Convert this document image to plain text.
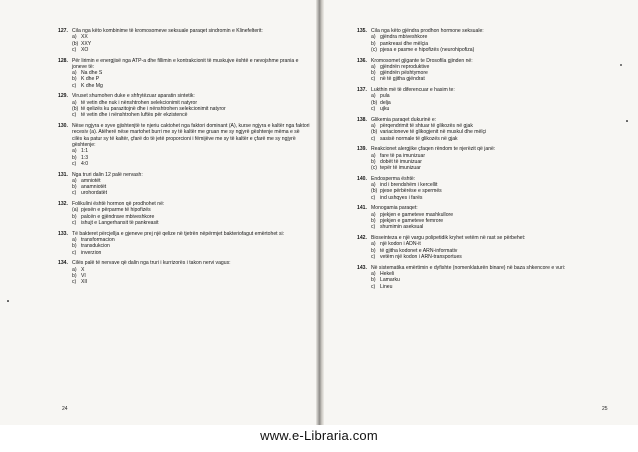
127. Cila nga këto kombinime të kromosomeve seksuale paraqet sindromin e Klinefelterit:
a) XX
(b) XXY
c) XO
128. Për lirimin e energjisë nga ATP-a dhe fillimin e kontrakcionit të muskujve është e nevojshme prania e joneve të:
a) Na dhe S
b) K dhe P
c) K dhe Mg
129. Viruset shumohen duke e shfrytëzuar aparatin sintetik:
a) të vetin dhe nuk i nënshtrohen selekcionimit natyror
(b) të qelizës ku parazitojnë dhe i nënshtrohen selekcionimit natyror
c) të vetin dhe i nënshtrohen luftës për ekzistencë
130. Nëse ngjyra e syve gjishtenjtë te njeriu caktohet nga faktori dominant (A), kurse ngjyra e kaltër nga faktori recesiv (a). Atëherë nëse martohet burri me sy të kaltër me gruan me sy ngjyrë gështenje mëma e së cilës ka patur sy të kaltër, çfarë do të jetë proporcioni i fëmijëve me sy të kaltër e çfarë me sy ngjyrë gështenje:
a) 1:1
b) 1:3
c) 4:0
131. Nga truri dalin 12 palë nervash:
a) amniotët
b) anamniotët
c) urohordatët
132. Folikulini është hormon që prodhohet në:
(a) pjesën e përparme të hipofizës
b) palcën e gjëndrave mbiveshkore
c) ishujt e Langerhansit të pankreasit
133. Të bakteret përcjellja e gjeneve prej një qelize në tjetrën nëpërmjet bakteriofagut emërtohet si:
a) transformacion
b) transdukcion
c) inverzion
134. Cilës palë të nervave që dalin nga truri i kurrizorës i takon nervi vagus:
a) X
b) VI
c) XII
135. Cila nga këto gjëndra prodhon hormone seksuale:
a) gjëndra mbiveshkore
b) pankreasi dhe mëlçia
(c) pjesa e pasme e hipofizës (neurohipofiza)
136. Kromosomet gjigante te Drosofila gjinden në:
a) gjëndrën reproduktive
b) gjëndrën pështymore
c) në të gjitha gjëndrat
137. Lukthin më të diferencuar e hasim te:
a) pula
(b) delja
c) ujku
138. Glikemia paraqet dukurinë e:
a) përqendrimit të shtuar të glikozës në gjak
(b) variacioneve të glikogjenit në muskul dhe mëlçi
c) sasisë normale të glikozës në gjak
139. Reakcionet alergjike çfaqen rëndom te njerëzit që janë:
a) fare të pa imunizuar
b) dobët të imunizuar
(c) tepër të imunizuar
140. Endosperma është:
a) ind i brendshëm i kercellit
(b) pjese përbërëse e spermës
c) ind ushqyes i farës
141. Monogamia paraqet:
a) pjekjen e gameteve mashkullore
b) pjekjen e gameteve femrore
c) shumimin aseksual
142. Bioseinteza e një vargu polipetidik kryhet vetëm në rast se përbehet:
a) një kodon i ADN-it
b) të gjitha kodonet e ARN-informativ
c) vetëm një kodon i ARN-transportues
143. Në sistematika emërtimin e dyfishte (nomenklaturën binare) në baza shkencore e vuri:
a) Hekeli
b) Lamarku
c) Lineu
24	25
www.e-Libraria.com
